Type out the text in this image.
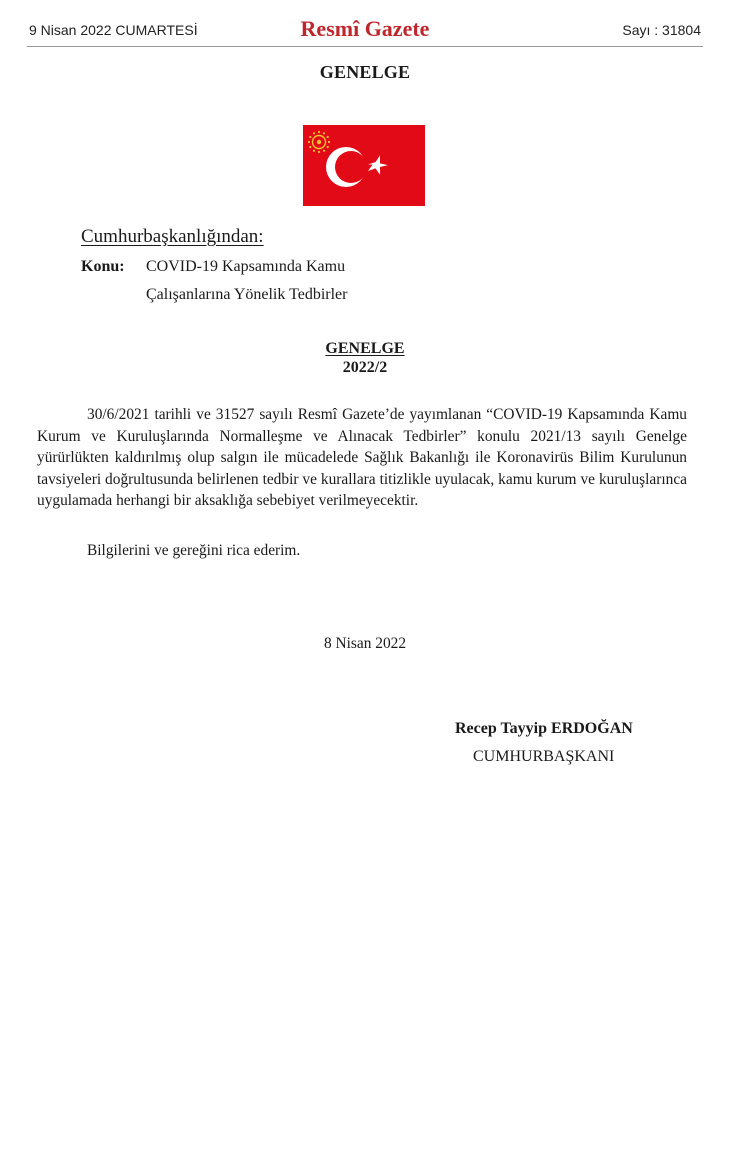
9 Nisan 2022 CUMARTESİ	Resmî Gazete	Sayı : 31804
GENELGE
Cumhurbaşkanlığından:
Konu: COVID-19 Kapsamında Kamu
Çalışanlarına Yönelik Tedbirler
GENELGE
2022/2

30/6/2021 tarihli ve 31527 sayılı Resmî Gazete’de yayımlanan “COVID-19 Kapsamında Kamu Kurum ve Kuruluşlarında Normalleşme ve Alınacak Tedbirler” konulu 2021/13 sayılı Genelge yürürlükten kaldırılmış olup salgın ile mücadelede Sağlık Bakanlığı ile Koronavirüs Bilim Kurulunun tavsiyeleri doğrultusunda belirlenen tedbir ve kurallara titizlikle uyulacak, kamu kurum ve kuruluşlarınca uygulamada herhangi bir aksaklığa sebebiyet verilmeyecektir.

Bilgilerini ve gereğini rica ederim.
8 Nisan 2022
Recep Tayyip ERDOĞAN
CUMHURBAŞKANI
